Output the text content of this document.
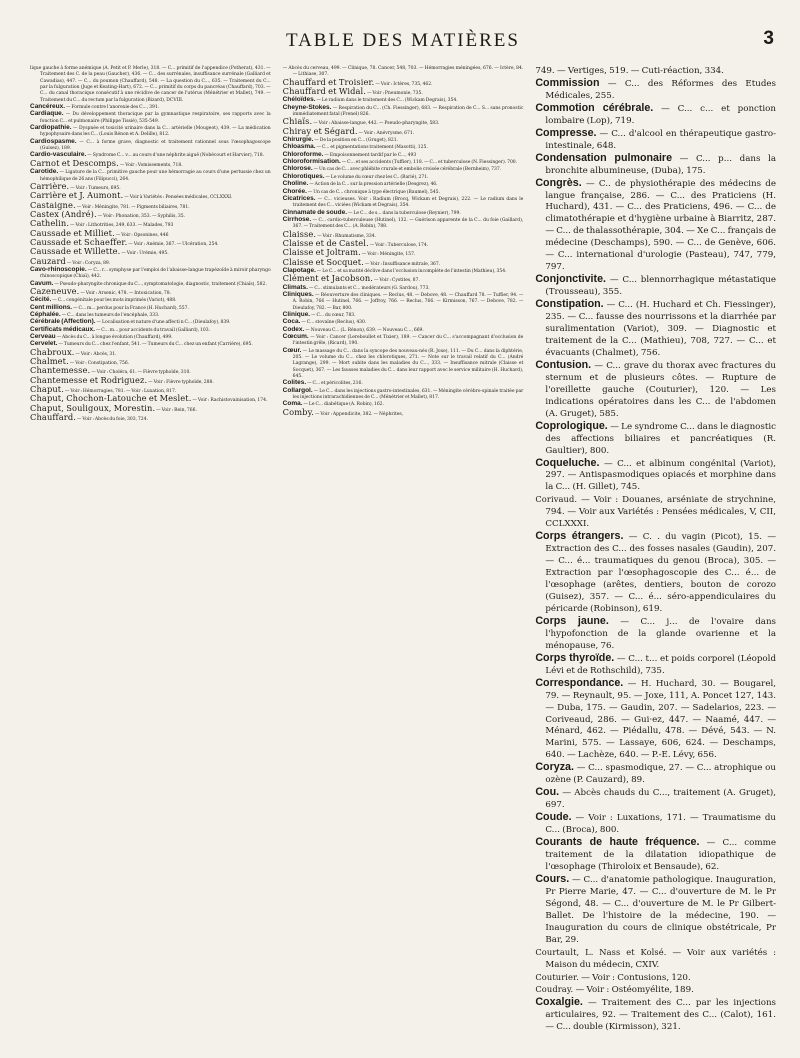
TABLE DES MATIÈRES	3

lique gauche à forme anémique (A. Petit et P. Merle), 318. — C... primitif de l'appendice (Potherat), 431. — Traitement des C. de la peau (Gaucher), 436. — C... des surrénales, insuffisance surrénale (Galliard et Cawadias), 447. — C... du poumon (Chauffard), 548. — La question du C..., 635. — Traitement du C... par la fulguration (Juge et Keating-Hart), 672. — C... primitif du corps du pancréas (Chauffard), 703. — C... du canal thoracique consécutif à une récidive de cancer de l'utérus (Ménétrier et Mallet), 749. — Traitement du C... du rectum par la fulguration (Bizard), DCVIII.

Cancéreux. — Formule contre l'anorexie des C..., 391.

Cardiaque. — Du développement thoracique par la gymnastique respiratoire, ses rapports avec la fonction C... et pulmonaire (Philippe Tissié), 535-549.

Cardiopathie. — Dyspnée et toxicité urinaire dans la C... artérielle (Mougeot), 439. — La médication hypophysaire dans les C... (Louis Rénon et A. Delille), 812.

Cardiospasme. — C... à forme grave, diagnostic et traitement rationnel sous l'œsophagoscope (Guisez), 189.

Cardio-vasculaire. — Syndrome C... v... au cours d'une néphrite aiguë (Nobécourt et Harvier), 718.

Carnot et Descomps. — Voir : Vomissements, 718.

Carotide. — Ligature de la C... primitive gauche pour une hémorragie au cours d'une pertussie chez un hémophilique de 26 ans (Filipucci), 264.

Carrière. — Voir : Tumeurs, 695.

Carrière et J. Aumont. — Voir à Variétés : Pensées médicales, CCLXXXI.

Castaigne. — Voir : Méningite, 781. — Pigments biliaires, 781.

Castex (André). — Voir : Phonation, 353. — Syphilis, 35.

Cathelin. — Voir : Lithotrities, 249, 633. — Malades, 793

Caussade et Milliet. — Voir : Opsonines, 446

Caussade et Schaeffer. — Voir : Anémie, 367. — Ulcération, 254.

Caussade et Willette. — Voir : Urémie, 495.

Cauzard — Voir : Coryza, 89.

Cavo-rhinoscopie. — C... r... symphyse par l'emploi de l'abaisse-langue trapézoïde à miroir pharyngo rhinoscopique (Chiaï), 442.

Cavum. — Pseudo-pharyngite chronique du C..., symptomatologie, diagnostic, traitement (Chiaïs), 582.

Cazeneuve. — Voir : Arsenic, 478. — Intoxication, 78.

Cécité. — C... congénitale pour les mots imprimés (Variot), 488.

Cent millions. — C... m... perdus pour la France (H. Huchard), 557.

Céphalée. — C... dans les tumeurs de l'encéphale, 333.

Cérébrale (Affection). — Localisation et nature d'une affecti n C... (Dieulafoy), 839.

Certificats médicaux. — C... m... pour accidents du travail (Galliard), 103.

Cerveau — Abcès du C... à longue évolution (Chauffard), 499.

Cervelet. — Tumeurs du C... chez l'enfant, 541. — Tumeurs du C... chez un enfant (Carrière), 695.

Chabroux. — Voir : Abcès, 31.

Chalmet. — Voir : Constipation, 756.

Chantemesse. — Voir : Choléra, 61. — Fièvre typhoïde, 310.

Chantemesse et Rodriguez. — Voir : Fièvre typhoïde, 288.

Chaput. — Voir : Hémorragies, 781. — Voir : Luxation, 817.

Chaput, Chochon-Latouche et Meslet. — Voir : Rachistovainisation, 174.

Chaput, Souligoux, Morestin. — Voir : Rein, 766.

Chauffard. — Voir : Abcès du foie, 303, 724.

— Abcès du cerveau, 499. — Clinique, 78. Cancer, 548, 703. — Hémorragies méningées, 676. — Ictère, 84. — Lithiase, 307.

Chauffard et Troisier. — Voir : Ictères, 735, 462.

Chauffard et Widal. — Voir : Pneumonie, 735.

Chéloïdes. — Le radium dans le traitement des C... (Wickam Degrais), 354.

Cheyne-Stokes. — Respiration du C... (Ch. Fiessinger), 683. — Respiration de C... S... sans pronostic immédiatement fatal (Frenel) 826.

Chiaïs. — Voir : Abaisse-langue, 442. — Pseudo-pharyngite, 583.

Chiray et Ségard. — Voir : Anévrysme, 671.

Chirurgie. — De la position en C... (Gruget), 821.

Chloasma. — C... et pigmentations traitement (Masotti), 125.

Chloroforme. — Empoisonnement tardif par le C..., 493

Chloroformisation. — C... et ses accidents (Tuffier), 118. — C... et tuberculose (N. Fiessinger). 700.

Chlorose. — Un cas de C... avec phlébite crurale et embolie croisée cérébrale (Bernheim), 737.

Chlorotiques. — Le volume du cœur chez les C.. (Barié), 271.

Choline. — Action de la C... sur la pression artérielle (Desgrez), 46.

Chorée. — Un cas de C... chronique à type électrique (Baumel), 545.

Cicatrices. — C... vicieuses. Voir : Radium (Brocq, Wickam et Degrais), 222. — Le radium dans le traitement des C... viciées (Wickam et Degrais), 354.

Cinnamate de soude. — Le C... de s... dans la tuberculose (Reynier), 799.

Cirrhose. — C... cardio-tuberculeuse (Hutinel), 132. — Guérison apparente de la C... du foie (Gaillard), 367. — Traitement des C... (A. Robin), 788.

Claisse. — Voir : Rhumatisme, 334.

Claisse et de Castel. — Voir : Tuberculose, 174.

Claisse et Joltram. — Voir : Méningite, 157.

Claisse et Socquet. — Voir : Insuffisance mitrale, 367.

Clapotage. — Le C... et sa matité déclive dans l'occlusion incomplète de l'intestin (Mathieu), 354.

Clément et Jacobson. — Voir : Cystites, 87.

Climats. — C... stimulants et C... modérateurs (G. Sardou), 773.

Cliniques. — Réouverture des cliniques. — Reclus, 48. — Debove, 48. — Chauffard 78. — Tuffier, 94. — A. Robin, 766 — Hutinel, 766. — Joffroy, 766. — Reclus, 766. — Kirmisson, 767. — Debove, 782. — Dieulafoy, 782. — Bar, 800.

Clinique. — C... du cœur, 783.

Coca. — C... stovaïne (Reclus), 430.

Codex. — Nouveau C... (L. Rénon), 639. — Nouveau C..., 669.

Cœcum. — Voir : Cancer (Lereboullet et Tixier), 189. — Cancer du C... s'accompagnant d'occlusion de l'intestin grêle, (Ricard), 190.

Cœur. — Le massage du C... dans la syncope des nouveau-nés (R. Joxe), 111. — Du C... dans la diphtérie, 205. — Le volume du C... chez les chlorotiques, 271. — Note sur le travail relatif du C... (André Lagrange), 299. — Mort subite dans les maladies du C..., 333. — Insuffisance mitrale (Claisse et Socquet), 367. — Les fausses maladies du C... dans leur rapport avec le service militaire (H. Huchard), 645.

Colites. — C... et péricolites, 216.

Collargol. — Le C... dans les injections gastro-intestinales, 631. — Méningite cérébro-spinale traitée par les injections intrarachidiennes de C... (Ménétrier et Mallet), 817.

Coma. — Le C... diabétique (A. Robin), 162.

Comby. — Voir : Appendicite, 382. — Néphrites,

749. — Vertiges, 519. — Cuti-réaction, 334.

Commission — C... des Réformes des Etudes Médicales, 255.

Commotion cérébrale. — C... c... et ponction lombaire (Lop), 719.

Compresse. — C... d'alcool en thérapeutique gastro-intestinale, 648.

Condensation pulmonaire — C... p... dans la bronchite albumineuse, (Duba), 175.

Congrès. — C.. de physiothérapie des médecins de langue française, 286. — C... des Praticiens (H. Huchard), 431. — C... des Praticiens, 496. — C... de climatothérapie et d'hygiène urbaine à Biarritz, 287. — C... de thalassothérapie, 304. — Xe C... français de médecine (Deschamps), 590. — C... de Genève, 606. — C... international d'urologie (Pasteau), 747, 779, 797.

Conjonctivite. — C... blennorrhagique métastatique (Trousseau), 355.

Constipation. — C... (H. Huchard et Ch. Fiessinger), 235. — C... fausse des nourrissons et la diarrhée par suralimentation (Variot), 309. — Diagnostic et traitement de la C... (Mathieu), 708, 727. — C... et évacuants (Chalmet), 756.

Contusion. — C... grave du thorax avec fractures du sternum et de plusieurs côtes. — Rupture de l'oreillette gauche (Couturier), 120. — Les indications opératoires dans les C... de l'abdomen (A. Gruget), 585.

Coprologique. — Le syndrome C... dans le diagnostic des affections biliaires et pancréatiques (R. Gaultier), 800.

Coqueluche. — C... et albinum congénital (Variot), 297. — Antispasmodiques opiacés et morphine dans la C... (H. Gillet), 745.

Corivaud. — Voir : Douanes, arséniate de strychnine, 794. — Voir aux Variétés : Pensées médicales, V, CII, CCLXXXI.

Corps étrangers. — C. . du vagin (Picot), 15. — Extraction des C... des fosses nasales (Gaudin), 207. — C... é... traumatiques du genou (Broca), 305. — Extraction par l'œsophagoscopie des C... é... de l'œsophage (arêtes, dentiers, bouton de corozo (Guisez), 357. — C... é... séro-appendiculaires du péricarde (Robinson), 619.

Corps jaune. — C... j... de l'ovaire dans l'hypofonction de la glande ovarienne et la ménopause, 76.

Corps thyroïde. — C... t... et poids corporel (Léopold Lévi et de Rothschild), 735.

Correspondance. — H. Huchard, 30. — Bougarel, 79. — Reynault, 95. — Joxe, 111, A. Poncet 127, 143. — Duba, 175. — Gaudin, 207. — Sadelarios, 223. — Coriveaud, 286. — Gui·ez, 447. — Naamé, 447. — Ménard, 462. — Piédallu, 478. — Dévé, 543. — N. Marini, 575. — Lassaye, 606, 624. — Deschamps, 640. — Lachèze, 640. — P.-E. Lévy, 656.

Coryza. — C... spasmodique, 27. — C... atrophique ou ozène (P. Cauzard), 89.

Cou. — Abcès chauds du C..., traitement (A. Gruget), 697.

Coude. — Voir : Luxations, 171. — Traumatisme du C... (Broca), 800.

Courants de haute fréquence. — C... comme traitement de la dilatation idiopathique de l'œsophage (Thiroloix et Bensaude), 62.

Cours. — C... d'anatomie pathologique. Inauguration, Pr Pierre Marie, 47. — C... d'ouverture de M. le Pr Ségond, 48. — C... d'ouverture de M. le Pr Gilbert-Ballet. De l'histoire de la médecine, 190. — Inauguration du cours de clinique obstétricale, Pr Bar, 29.

Courtault, L. Nass et Kolsé. — Voir aux variétés : Maison du médecin, CXIV.

Couturier. — Voir : Contusions, 120.

Coudray. — Voir : Ostéomyélite, 189.

Coxalgie. — Traitement des C... par les injections articulaires, 92. — Traitement des C... (Calot), 161. — C... double (Kirmisson), 321.
